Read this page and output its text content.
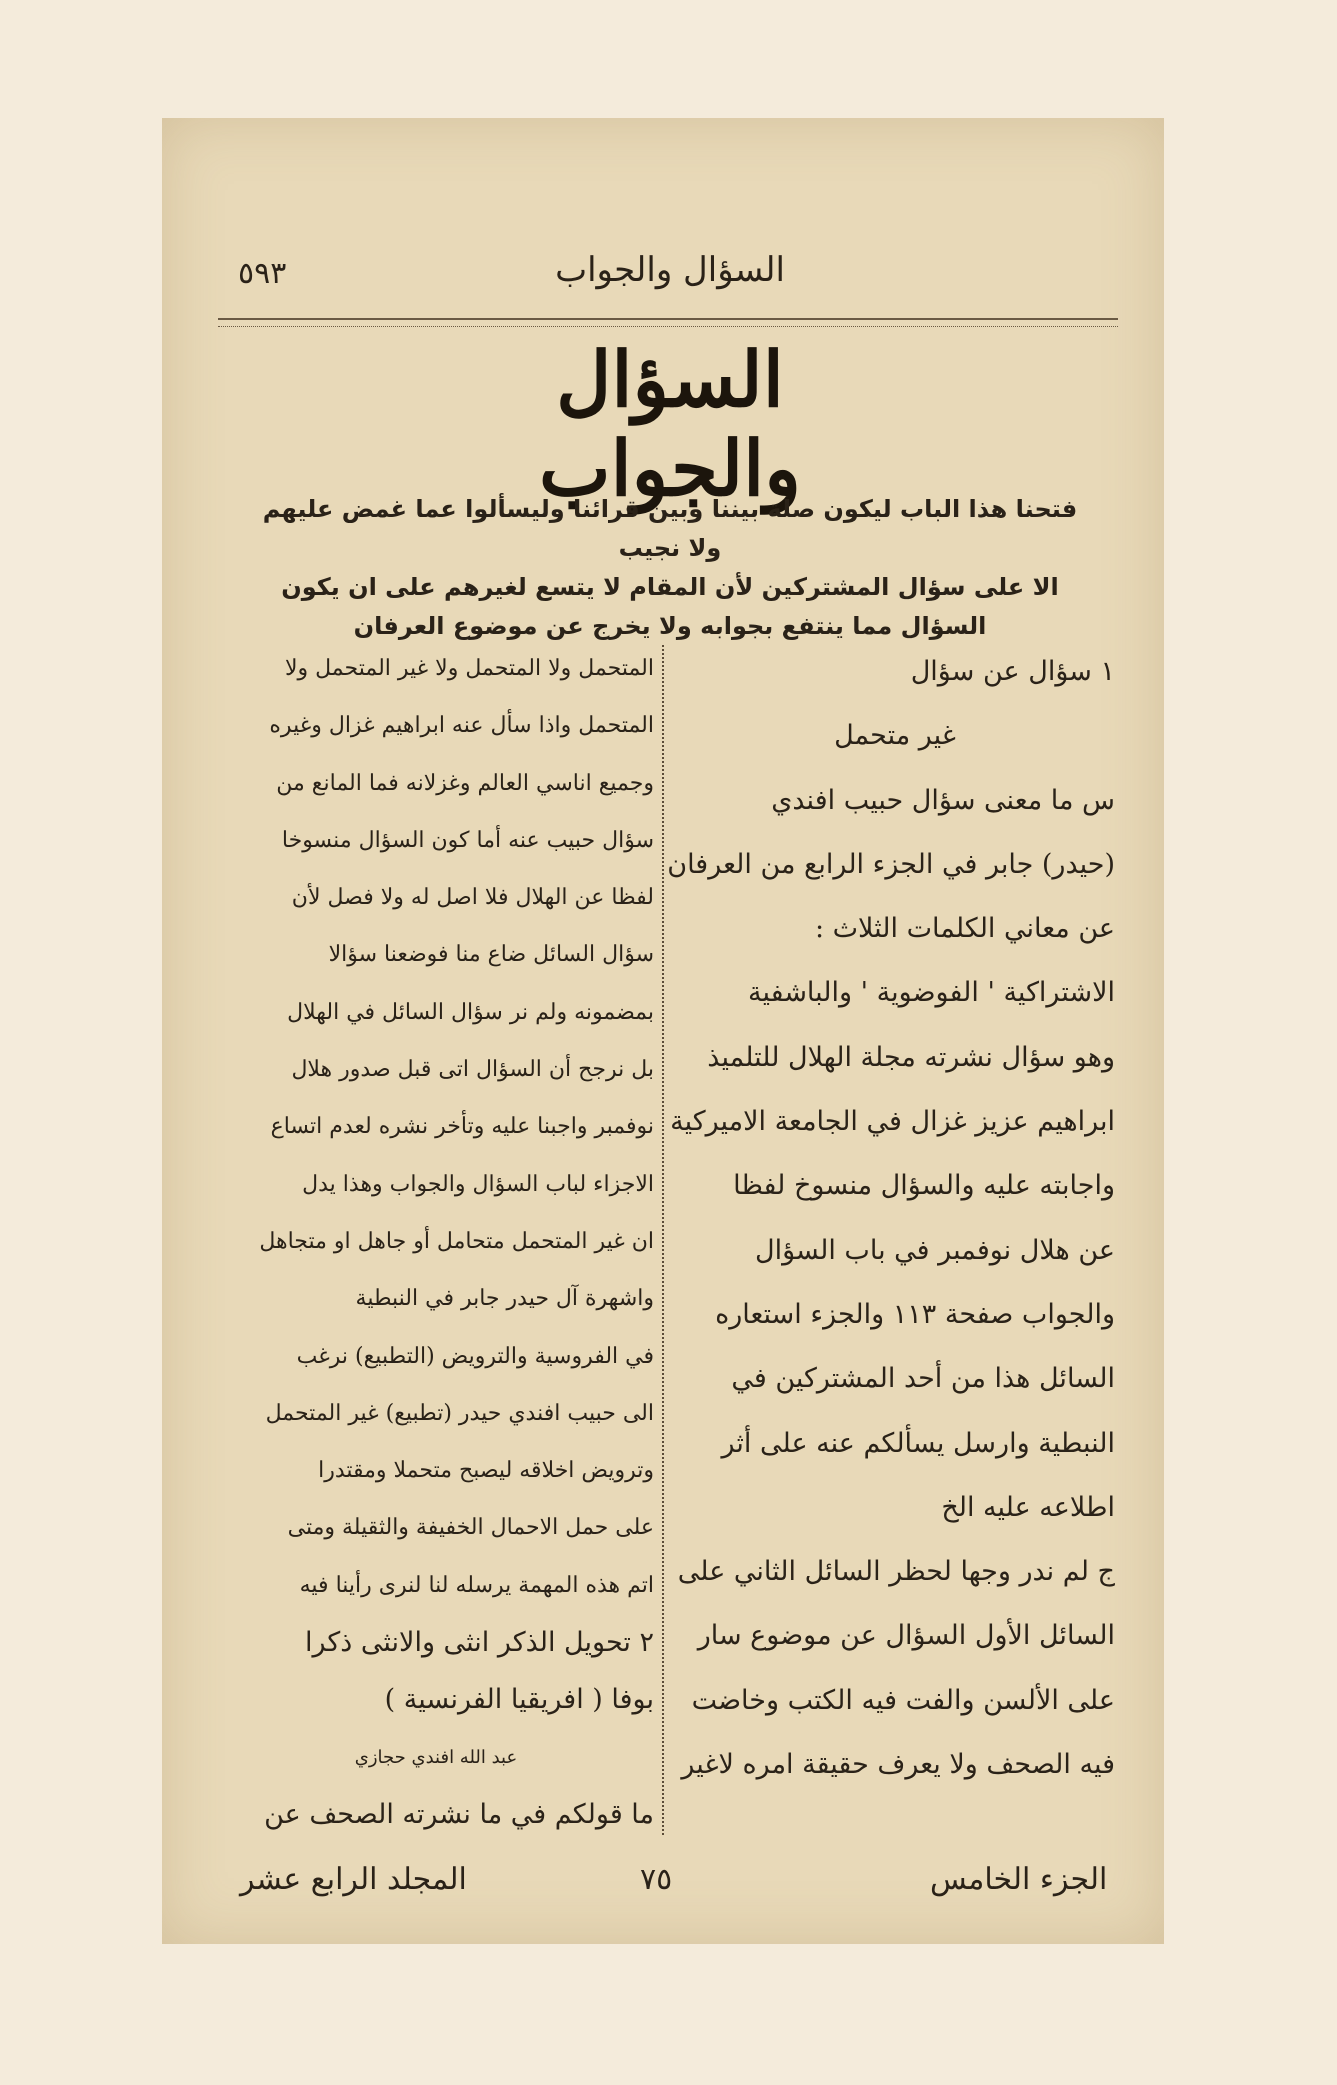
٥٩٣	السؤال والجواب
السؤال والجواب
فتحنا هذا الباب ليكون صلة بيننا وبين قرائنا وليسألوا عما غمض عليهم ولا نجيب
الا على سؤال المشتركين لأن المقام لا يتسع لغيرهم على ان يكون
السؤال مما ينتفع بجوابه ولا يخرج عن موضوع العرفان
١ سؤال عن سؤال
غير متحمل
س ما معنى سؤال حبيب افندي
(حيدر) جابر في الجزء الرابع من العرفان
عن معاني الكلمات الثلاث :
الاشتراكية ' الفوضوية ' والباشفية
وهو سؤال نشرته مجلة الهلال للتلميذ
ابراهيم عزيز غزال في الجامعة الاميركية
واجابته عليه والسؤال منسوخ لفظا
عن هلال نوفمبر في باب السؤال
والجواب صفحة ١١٣ والجزء استعاره
السائل هذا من أحد المشتركين في
النبطية وارسل يسألكم عنه على أثر
اطلاعه عليه الخ
ج لم ندر وجها لحظر السائل الثاني على
السائل الأول السؤال عن موضوع سار
على الألسن والفت فيه الكتب وخاضت
فيه الصحف ولا يعرف حقيقة امره لاغير
المتحمل ولا المتحمل ولا غير المتحمل ولا
المتحمل واذا سأل عنه ابراهيم غزال وغيره
وجميع اناسي العالم وغزلانه فما المانع من
سؤال حبيب عنه أما كون السؤال منسوخا
لفظا عن الهلال فلا اصل له ولا فصل لأن
سؤال السائل ضاع منا فوضعنا سؤالا
بمضمونه ولم نر سؤال السائل في الهلال
بل نرجح أن السؤال اتى قبل صدور هلال
نوفمبر واجبنا عليه وتأخر نشره لعدم اتساع
الاجزاء لباب السؤال والجواب وهذا يدل
ان غير المتحمل متحامل أو جاهل او متجاهل
واشهرة آل حيدر جابر في النبطية
في الفروسية والترويض (التطبيع) نرغب
الى حبيب افندي حيدر (تطبيع) غير المتحمل
وترويض اخلاقه ليصبح متحملا ومقتدرا
على حمل الاحمال الخفيفة والثقيلة ومتى
اتم هذه المهمة يرسله لنا لنرى رأينا فيه
٢ تحويل الذكر انثى والانثى ذكرا
بوفا ( افريقيا الفرنسية )
عبد الله افندي حجازي
ما قولكم في ما نشرته الصحف عن
الجزء الخامس
٧٥
المجلد الرابع عشر
